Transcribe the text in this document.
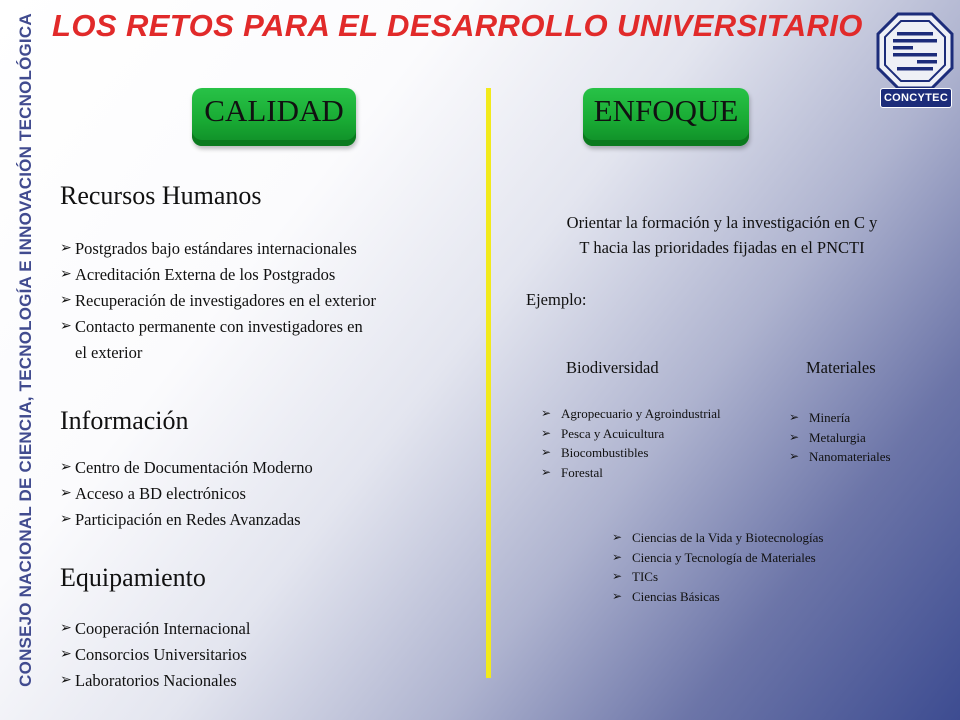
CONSEJO NACIONAL DE CIENCIA, TECNOLOGÍA E INNOVACIÓN TECNOLÓGICA LOS RETOS PARA EL DESARROLLO UNIVERSITARIO
CONCYTEC
CALIDAD	ENFOQUE
Recursos Humanos
➢ Postgrados bajo estándares internacionales
➢ Acreditación Externa de los Postgrados
➢ Recuperación de investigadores en el exterior
➢ Contacto permanente con investigadores en
el exterior
Información
➢ Centro de Documentación Moderno
➢ Acceso a BD electrónicos
➢ Participación en Redes Avanzadas
Equipamiento
➢ Cooperación Internacional
➢ Consorcios Universitarios
➢ Laboratorios Nacionales
Orientar la formación y la investigación en C y
T hacia las prioridades fijadas en el PNCTI
Ejemplo:
Biodiversidad	Materiales
➢ Agropecuario y Agroindustrial
➢ Pesca y Acuicultura
➢ Biocombustibles
➢ Forestal
➢ Minería
➢ Metalurgia
➢ Nanomateriales
➢ Ciencias de la Vida y Biotecnologías
➢ Ciencia y Tecnología de Materiales
➢ TICs
➢ Ciencias Básicas
